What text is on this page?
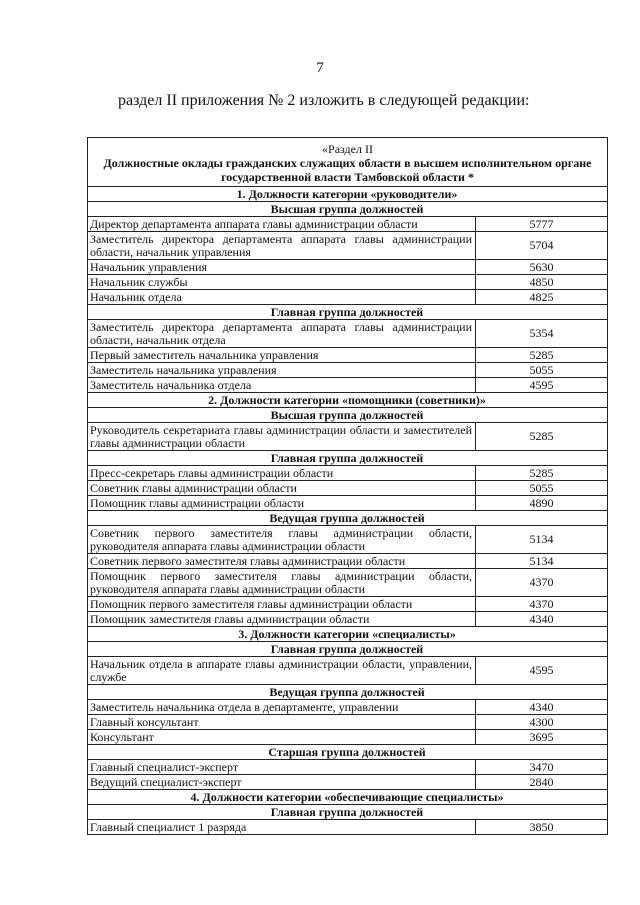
7
раздел II приложения № 2 изложить в следующей редакции:
«Раздел II
Должностные оклады гражданских служащих области в высшем исполнительном органе государственной власти Тамбовской области *	

1. Должности категории «руководители»	
Высшая группа должностей	
Директор департамента аппарата главы администрации области	5777
Заместитель директора департамента аппарата главы администрации области, начальник управления	5704
Начальник управления	5630
Начальник службы	4850
Начальник отдела	4825
Главная группа должностей	
Заместитель директора департамента аппарата главы администрации области, начальник отдела	5354
Первый заместитель начальника управления	5285
Заместитель начальника управления	5055
Заместитель начальника отдела	4595
2. Должности категории «помощники (советники)»	
Высшая группа должностей	
Руководитель секретариата главы администрации области и заместителей главы администрации области	5285
Главная группа должностей	
Пресс-секретарь главы администрации области	5285
Советник главы администрации области	5055
Помощник главы администрации области	4890
Ведущая группа должностей	
Советник первого заместителя главы администрации области, руководителя аппарата главы администрации области	5134
Советник первого заместителя главы администрации области	5134
Помощник первого заместителя главы администрации области, руководителя аппарата главы администрации области	4370
Помощник первого заместителя главы администрации области	4370
Помощник заместителя главы администрации области	4340
3. Должности категории «специалисты»	
Главная группа должностей	
Начальник отдела в аппарате главы администрации области, управлении, службе	4595
Ведущая группа должностей	
Заместитель начальника отдела в департаменте, управлении	4340
Главный консультант	4300
Консультант	3695
Старшая группа должностей	
Главный специалист-эксперт	3470
Ведущий специалист-эксперт	2840
4. Должности категории «обеспечивающие специалисты»	
Главная группа должностей	
Главный специалист 1 разряда	3850
